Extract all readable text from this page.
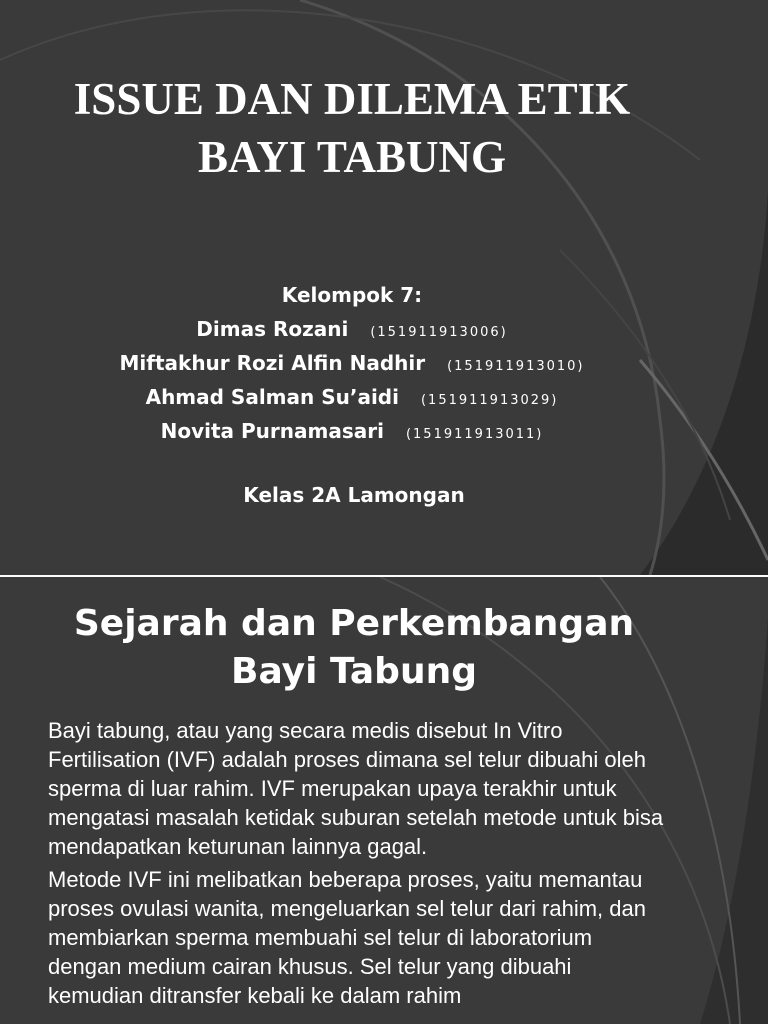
ISSUE DAN DILEMA ETIK
BAYI TABUNG
Kelompok 7:
Dimas Rozani (151911913006)
Miftakhur Rozi Alfin Nadhir (151911913010)
Ahmad Salman Su’aidi (151911913029)
Novita Purnamasari (151911913011)
Kelas 2A Lamongan
Sejarah dan Perkembangan
Bayi Tabung

Bayi tabung, atau yang secara medis disebut In Vitro Fertilisation (IVF) adalah proses dimana sel telur dibuahi oleh sperma di luar rahim. IVF merupakan upaya terakhir untuk mengatasi masalah ketidak suburan setelah metode untuk bisa mendapatkan keturunan lainnya gagal.

Metode IVF ini melibatkan beberapa proses, yaitu memantau proses ovulasi wanita, mengeluarkan sel telur dari rahim, dan membiarkan sperma membuahi sel telur di laboratorium dengan medium cairan khusus. Sel telur yang dibuahi kemudian ditransfer kebali ke dalam rahim
